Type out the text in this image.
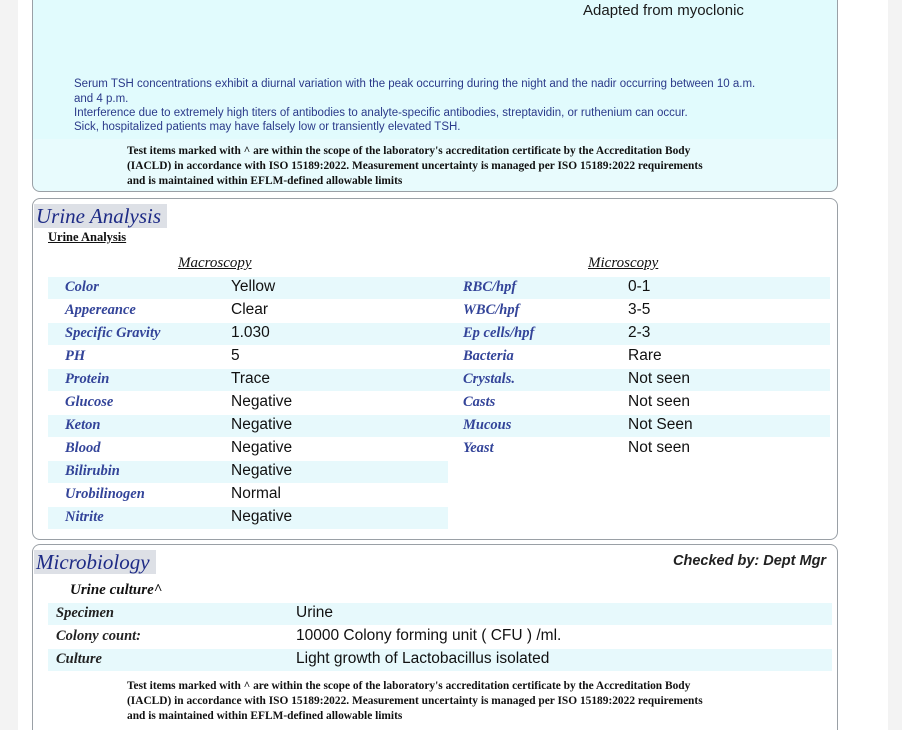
Adapted from myoclonic
Serum TSH concentrations exhibit a diurnal variation with the peak occurring during the night and the nadir occurring between 10 a.m.
and 4 p.m.
Interference due to extremely high titers of antibodies to analyte-specific antibodies, streptavidin, or ruthenium can occur.
Sick, hospitalized patients may have falsely low or transiently elevated TSH.
Test items marked with ^ are within the scope of the laboratory's accreditation certificate by the Accreditation Body
(IACLD) in accordance with ISO 15189:2022. Measurement uncertainty is managed per ISO 15189:2022 requirements
and is maintained within EFLM-defined allowable limits
Urine Analysis
Urine Analysis
Macroscopy	Microscopy
Color	Yellow
Appereance	Clear
Specific Gravity	1.030
PH	5
Protein	Trace
Glucose	Negative
Keton	Negative
Blood	Negative
Bilirubin	Negative
Urobilinogen	Normal
Nitrite	Negative
RBC/hpf	0-1
WBC/hpf	3-5
Ep cells/hpf	2-3
Bacteria	Rare
Crystals.	Not seen
Casts	Not seen
Mucous	Not Seen
Yeast	Not seen
Microbiology	Checked by: Dept Mgr
Urine culture^
Specimen	Urine
Colony count:	10000 Colony forming unit ( CFU ) /ml.
Culture	Light growth of Lactobacillus isolated
Test items marked with ^ are within the scope of the laboratory's accreditation certificate by the Accreditation Body
(IACLD) in accordance with ISO 15189:2022. Measurement uncertainty is managed per ISO 15189:2022 requirements
and is maintained within EFLM-defined allowable limits
